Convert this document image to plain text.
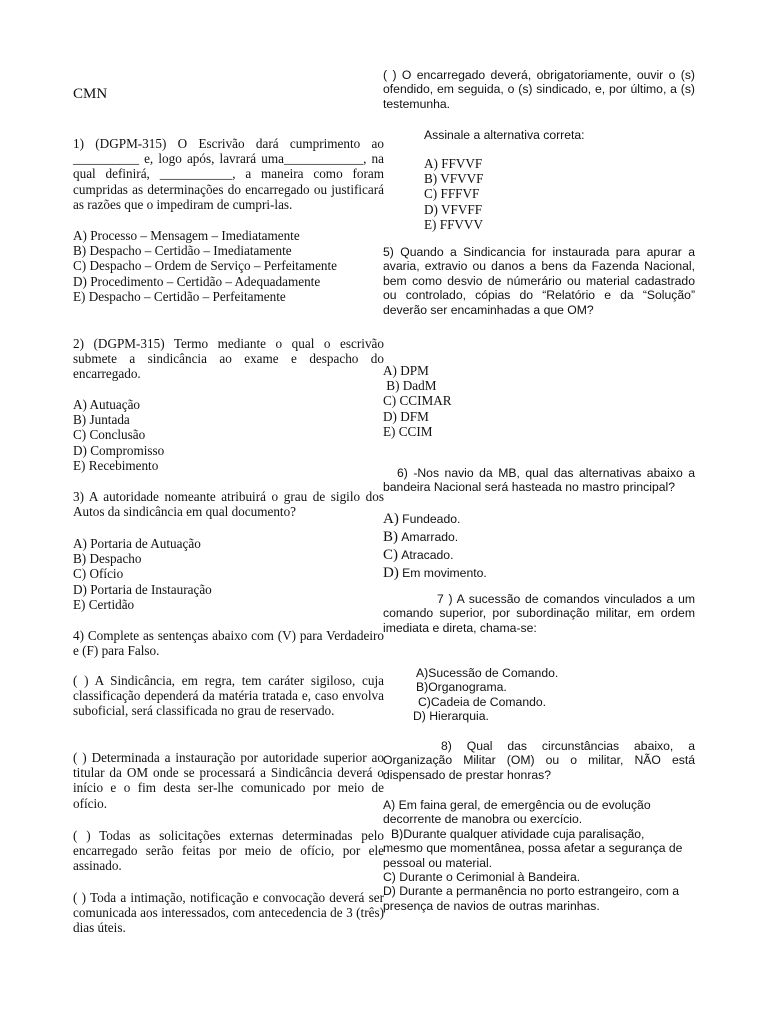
CMN

1) (DGPM-315) O Escrivão dará cumprimento ao __________ e, logo após, lavrará uma____________, na qual definirá, ___________, a maneira como foram cumpridas as determinações do encarregado ou justificará as razões que o impediram de cumpri-las.

A) Processo – Mensagem – Imediatamente
B) Despacho – Certidão – Imediatamente
C) Despacho – Ordem de Serviço – Perfeitamente
D) Procedimento – Certidão – Adequadamente
E) Despacho – Certidão – Perfeitamente

2) (DGPM-315) Termo mediante o qual o escrivão submete a sindicância ao exame e despacho do encarregado.

A) Autuação
B) Juntada
C) Conclusão
D) Compromisso
E) Recebimento

3) A autoridade nomeante atribuirá o grau de sigilo dos Autos da sindicância em qual documento?

A) Portaria de Autuação
B) Despacho
C) Ofício
D) Portaria de Instauração
E) Certidão

4) Complete as sentenças abaixo com (V) para Verdadeiro e (F) para Falso.

( ) A Sindicância, em regra, tem caráter sigiloso, cuja classificação dependerá da matéria tratada e, caso envolva suboficial, será classificada no grau de reservado.

( ) Determinada a instauração por autoridade superior ao titular da OM onde se processará a Sindicância deverá o início e o fim desta ser-lhe comunicado por meio de ofício.

( ) Todas as solicitações externas determinadas pelo encarregado serão feitas por meio de ofício, por ele assinado.

( ) Toda a intimação, notificação e convocação deverá ser comunicada aos interessados, com antecedencia de 3 (três) dias úteis.

( ) O encarregado deverá, obrigatoriamente, ouvir o (s) ofendido, em seguida, o (s) sindicado, e, por último, a (s) testemunha.

Assinale a alternativa correta:
A) FFVVF
B) VFVVF
C) FFFVF
D) VFVFF
E) FFVVV

5) Quando a Sindicancia for instaurada para apurar a avaria, extravio ou danos a bens da Fazenda Nacional, bem como desvio de númerário ou material cadastrado ou controlado, cópias do “Relatório e da “Solução” deverão ser encaminhadas a que OM?

A) DPM
B) DadM
C) CCIMAR
D) DFM
E) CCIM

6) -Nos navio da MB, qual das alternativas abaixo a bandeira Nacional será hasteada no mastro principal?

A) Fundeado.
B) Amarrado.
C) Atracado.
D) Em movimento.

7 ) A sucessão de comandos vinculados a um comando superior, por subordinação militar, em ordem imediata e direta, chama-se:

A)Sucessão de Comando.
B)Organograma.
C)Cadeia de Comando.
D) Hierarquia.

8) Qual das circunstâncias abaixo, a Organização Militar (OM) ou o militar, NÃO está dispensado de prestar honras?

A) Em faina geral, de emergência ou de evolução decorrente de manobra ou exercício.

B)Durante qualquer atividade cuja paralisação, mesmo que momentânea, possa afetar a segurança de pessoal ou material.

C) Durante o Cerimonial à Bandeira.

D) Durante a permanência no porto estrangeiro, com a presença de navios de outras marinhas.
